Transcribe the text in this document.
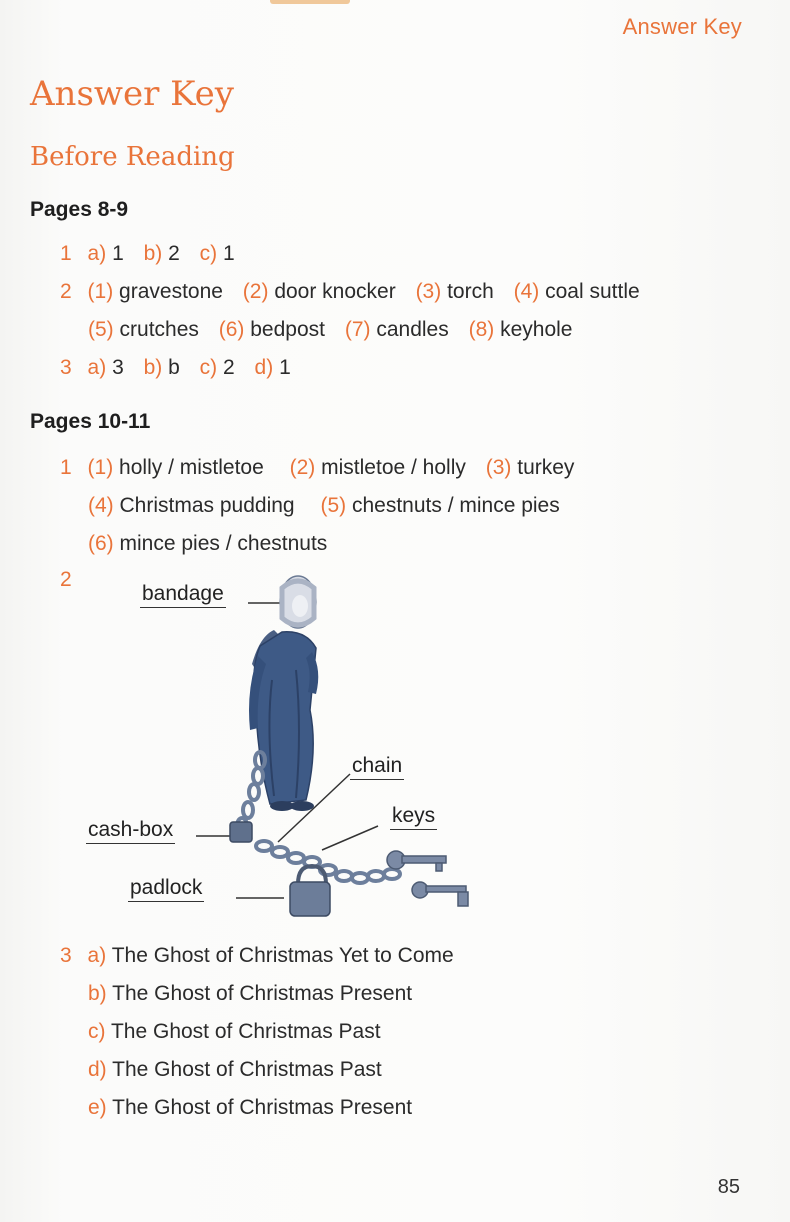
Answer Key
Answer Key
Before Reading
Pages 8-9
1 a) 1 b) 2 c) 1
2 (1) gravestone (2) door knocker (3) torch (4) coal suttle
(5) crutches (6) bedpost (7) candles (8) keyhole
3 a) 3 b) b c) 2 d) 1
Pages 10-11
1 (1) holly / mistletoe (2) mistletoe / holly (3) turkey
(4) Christmas pudding (5) chestnuts / mince pies
(6) mince pies / chestnuts
2
bandage
chain
keys
cash-box
padlock
3 a) The Ghost of Christmas Yet to Come
b) The Ghost of Christmas Present
c) The Ghost of Christmas Past
d) The Ghost of Christmas Past
e) The Ghost of Christmas Present
85
